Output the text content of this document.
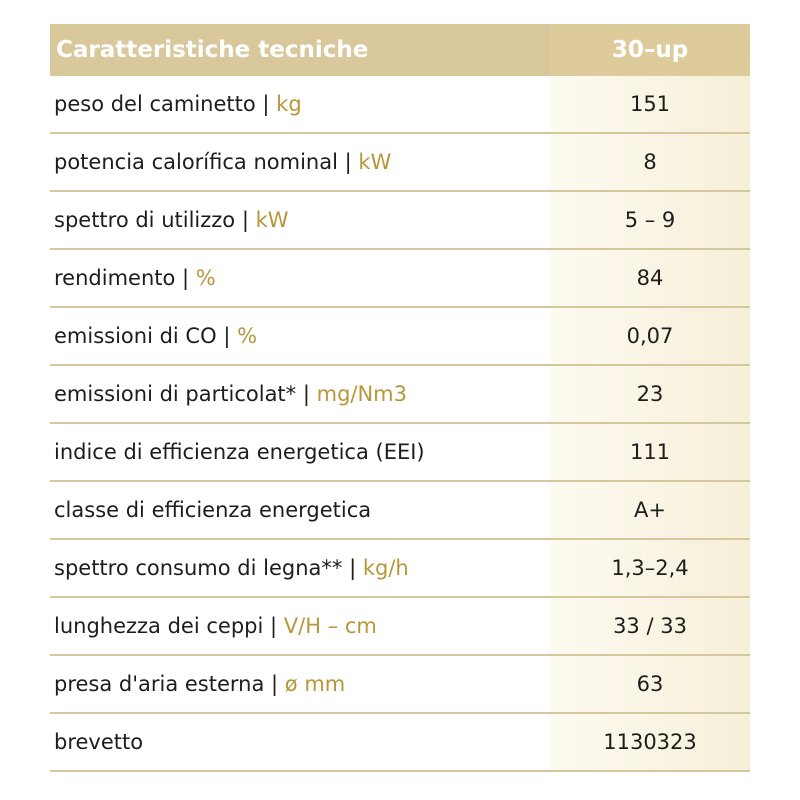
Caratteristiche tecniche	30–up
peso del caminetto | kg	151
potencia calorífica nominal | kW	8
spettro di utilizzo | kW	5 – 9
rendimento | %	84
emissioni di CO | %	0,07
emissioni di particolat* | mg/Nm3	23
indice di efficienza energetica (EEI)	111
classe di efficienza energetica	A+
spettro consumo di legna** | kg/h	1,3–2,4
lunghezza dei ceppi | V/H – cm	33 / 33
presa d'aria esterna | ø mm	63
brevetto	1130323
